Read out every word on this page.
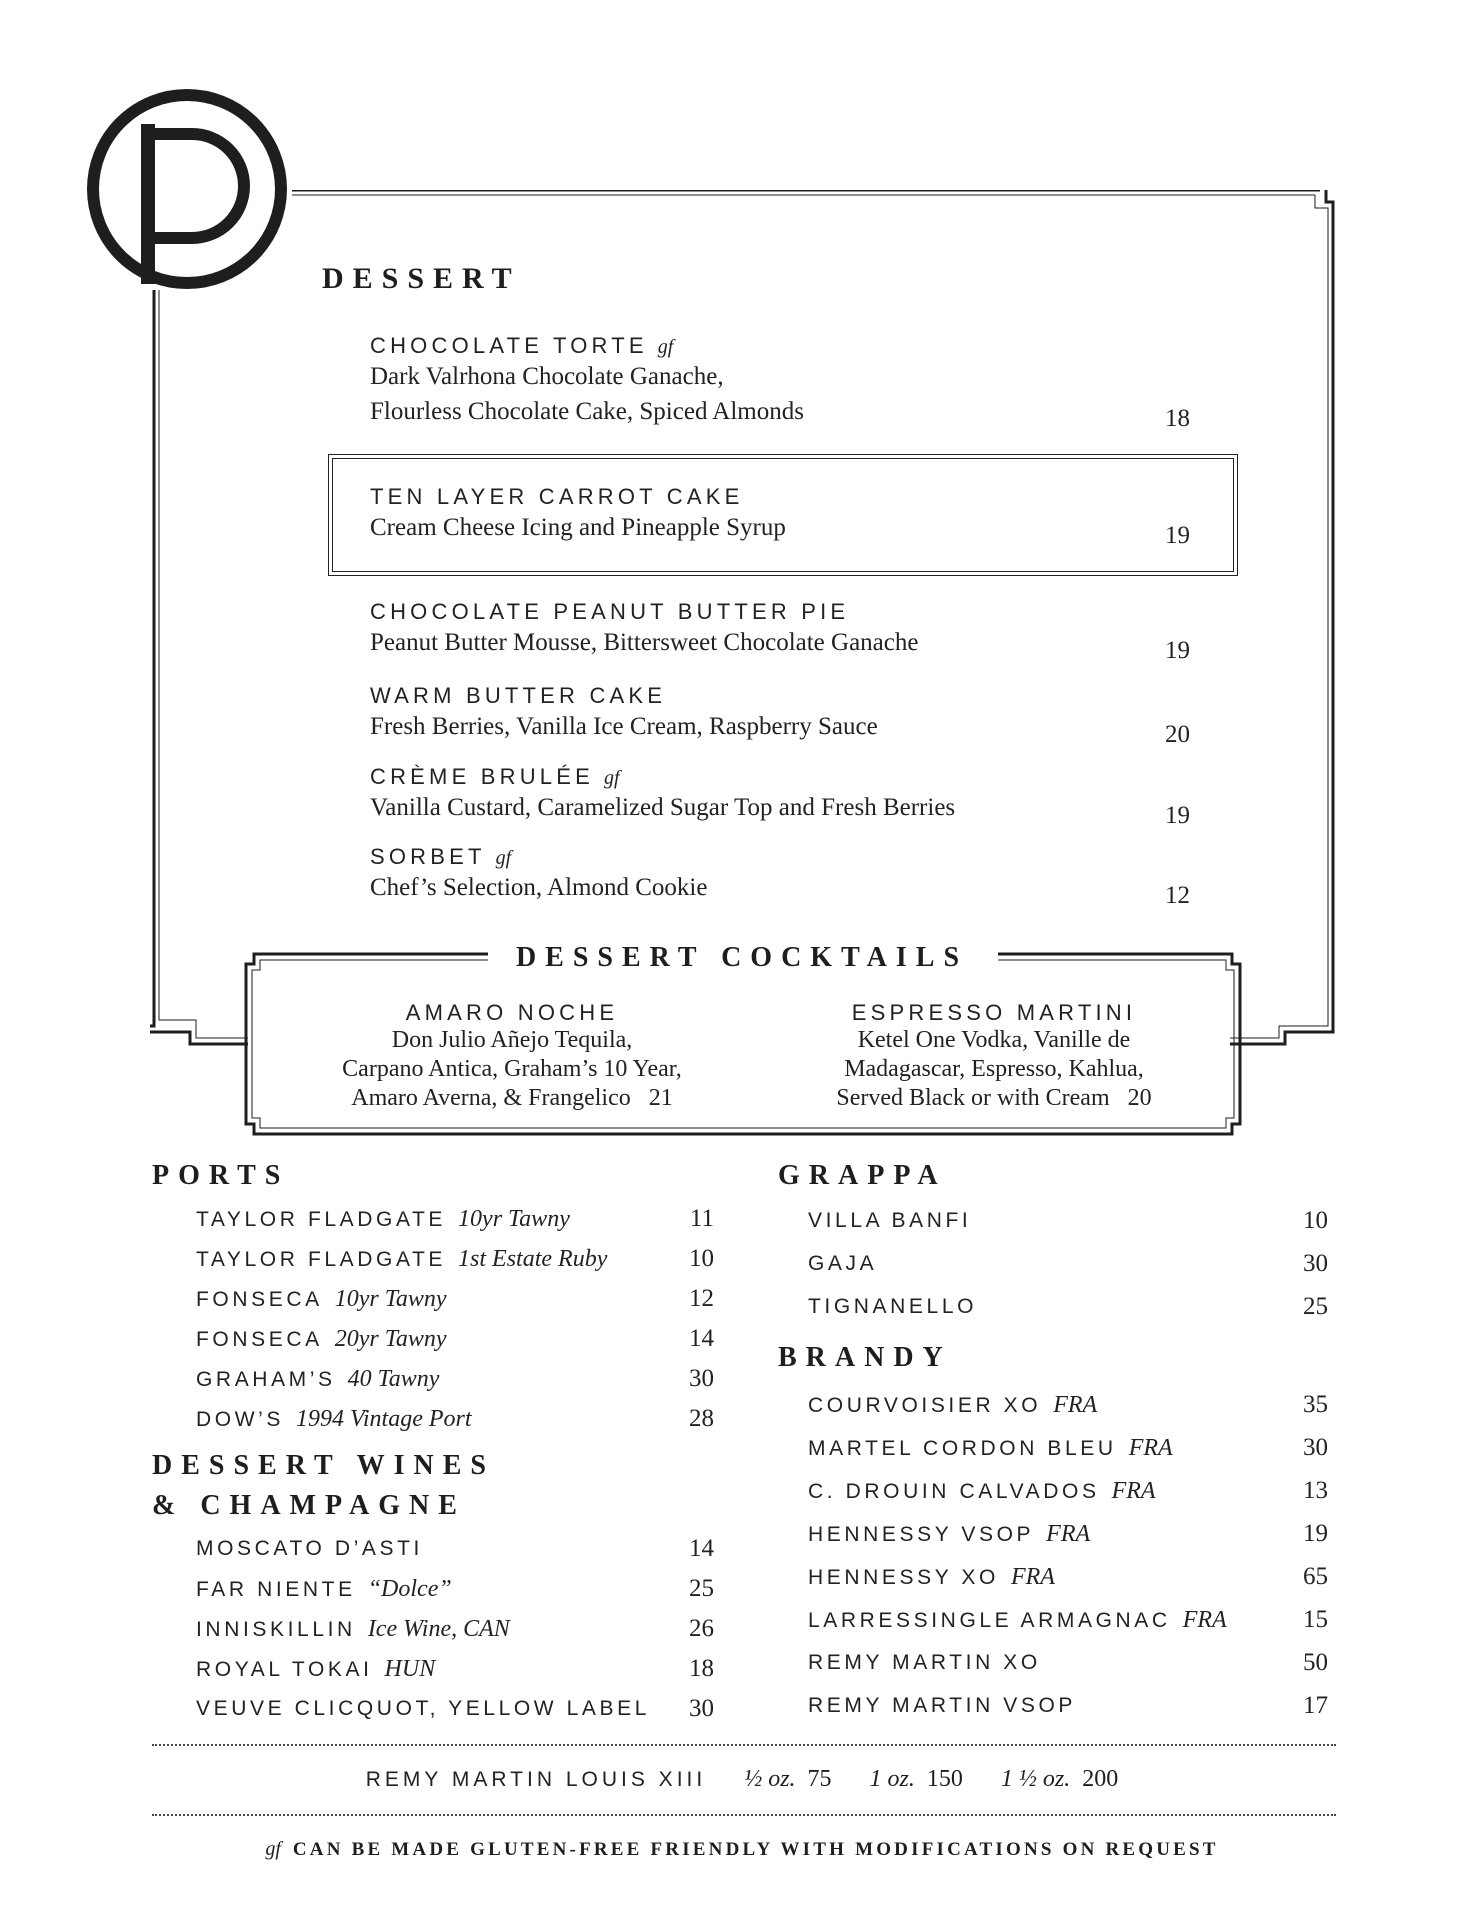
DESSERT
CHOCOLATE TORTE gf
Dark Valrhona Chocolate Ganache,
Flourless Chocolate Cake, Spiced Almonds	18
TEN LAYER CARROT CAKE
Cream Cheese Icing and Pineapple Syrup	19
CHOCOLATE PEANUT BUTTER PIE
Peanut Butter Mousse, Bittersweet Chocolate Ganache	19
WARM BUTTER CAKE
Fresh Berries, Vanilla Ice Cream, Raspberry Sauce	20
CRÈME BRULÉE gf
Vanilla Custard, Caramelized Sugar Top and Fresh Berries	19
SORBET gf
Chef’s Selection, Almond Cookie	12
DESSERT COCKTAILS
AMARO NOCHE
Don Julio Añejo Tequila,
Carpano Antica, Graham’s 10 Year,
Amaro Averna, & Frangelico   21
ESPRESSO MARTINI
Ketel One Vodka, Vanille de
Madagascar, Espresso, Kahlua,
Served Black or with Cream   20
PORTS
TAYLOR FLADGATE 10yr Tawny	11
TAYLOR FLADGATE 1st Estate Ruby	10
FONSECA 10yr Tawny	12
FONSECA 20yr Tawny	14
GRAHAM’S 40 Tawny	30
DOW’S 1994 Vintage Port	28
DESSERT WINES
& CHAMPAGNE
MOSCATO D’ASTI	14
FAR NIENTE “Dolce”	25
INNISKILLIN Ice Wine, CAN	26
ROYAL TOKAI HUN	18
VEUVE CLICQUOT, YELLOW LABEL	30
GRAPPA
VILLA BANFI	10
GAJA	30
TIGNANELLO	25
BRANDY
COURVOISIER XO FRA	35
MARTEL CORDON BLEU FRA	30
C. DROUIN CALVADOS FRA	13
HENNESSY VSOP FRA	19
HENNESSY XO FRA	65
LARRESSINGLE ARMAGNAC FRA	15
REMY MARTIN XO	50
REMY MARTIN VSOP	17
REMY MARTIN LOUIS XIII ½ oz. 75 1 oz. 150 1 ½ oz. 200
gf CAN BE MADE GLUTEN-FREE FRIENDLY WITH MODIFICATIONS ON REQUEST
